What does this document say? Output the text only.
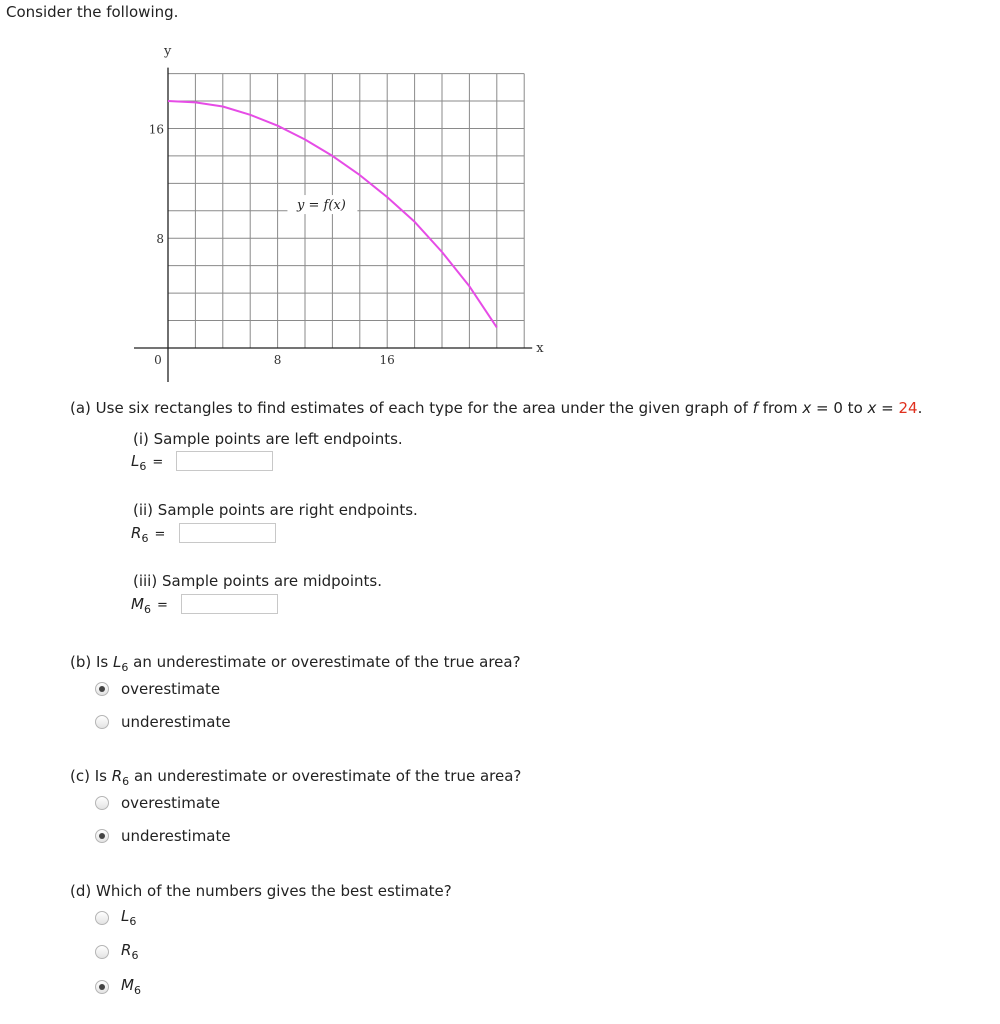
Consider the following.
y
x
16
8
0	8	16
y = f(x)
(a) Use six rectangles to find estimates of each type for the area under the given graph of f from x = 0 to x = 24.
(i) Sample points are left endpoints.
$L_6$ =
(ii) Sample points are right endpoints.
$R_6$ =
(iii) Sample points are midpoints.
$M_6$ =
(b) Is $L_6$ an underestimate or overestimate of the true area?
overestimate
underestimate
(c) Is $R_6$ an underestimate or overestimate of the true area?
overestimate
underestimate
(d) Which of the numbers gives the best estimate?
$L_6$
$R_6$
$M_6$
